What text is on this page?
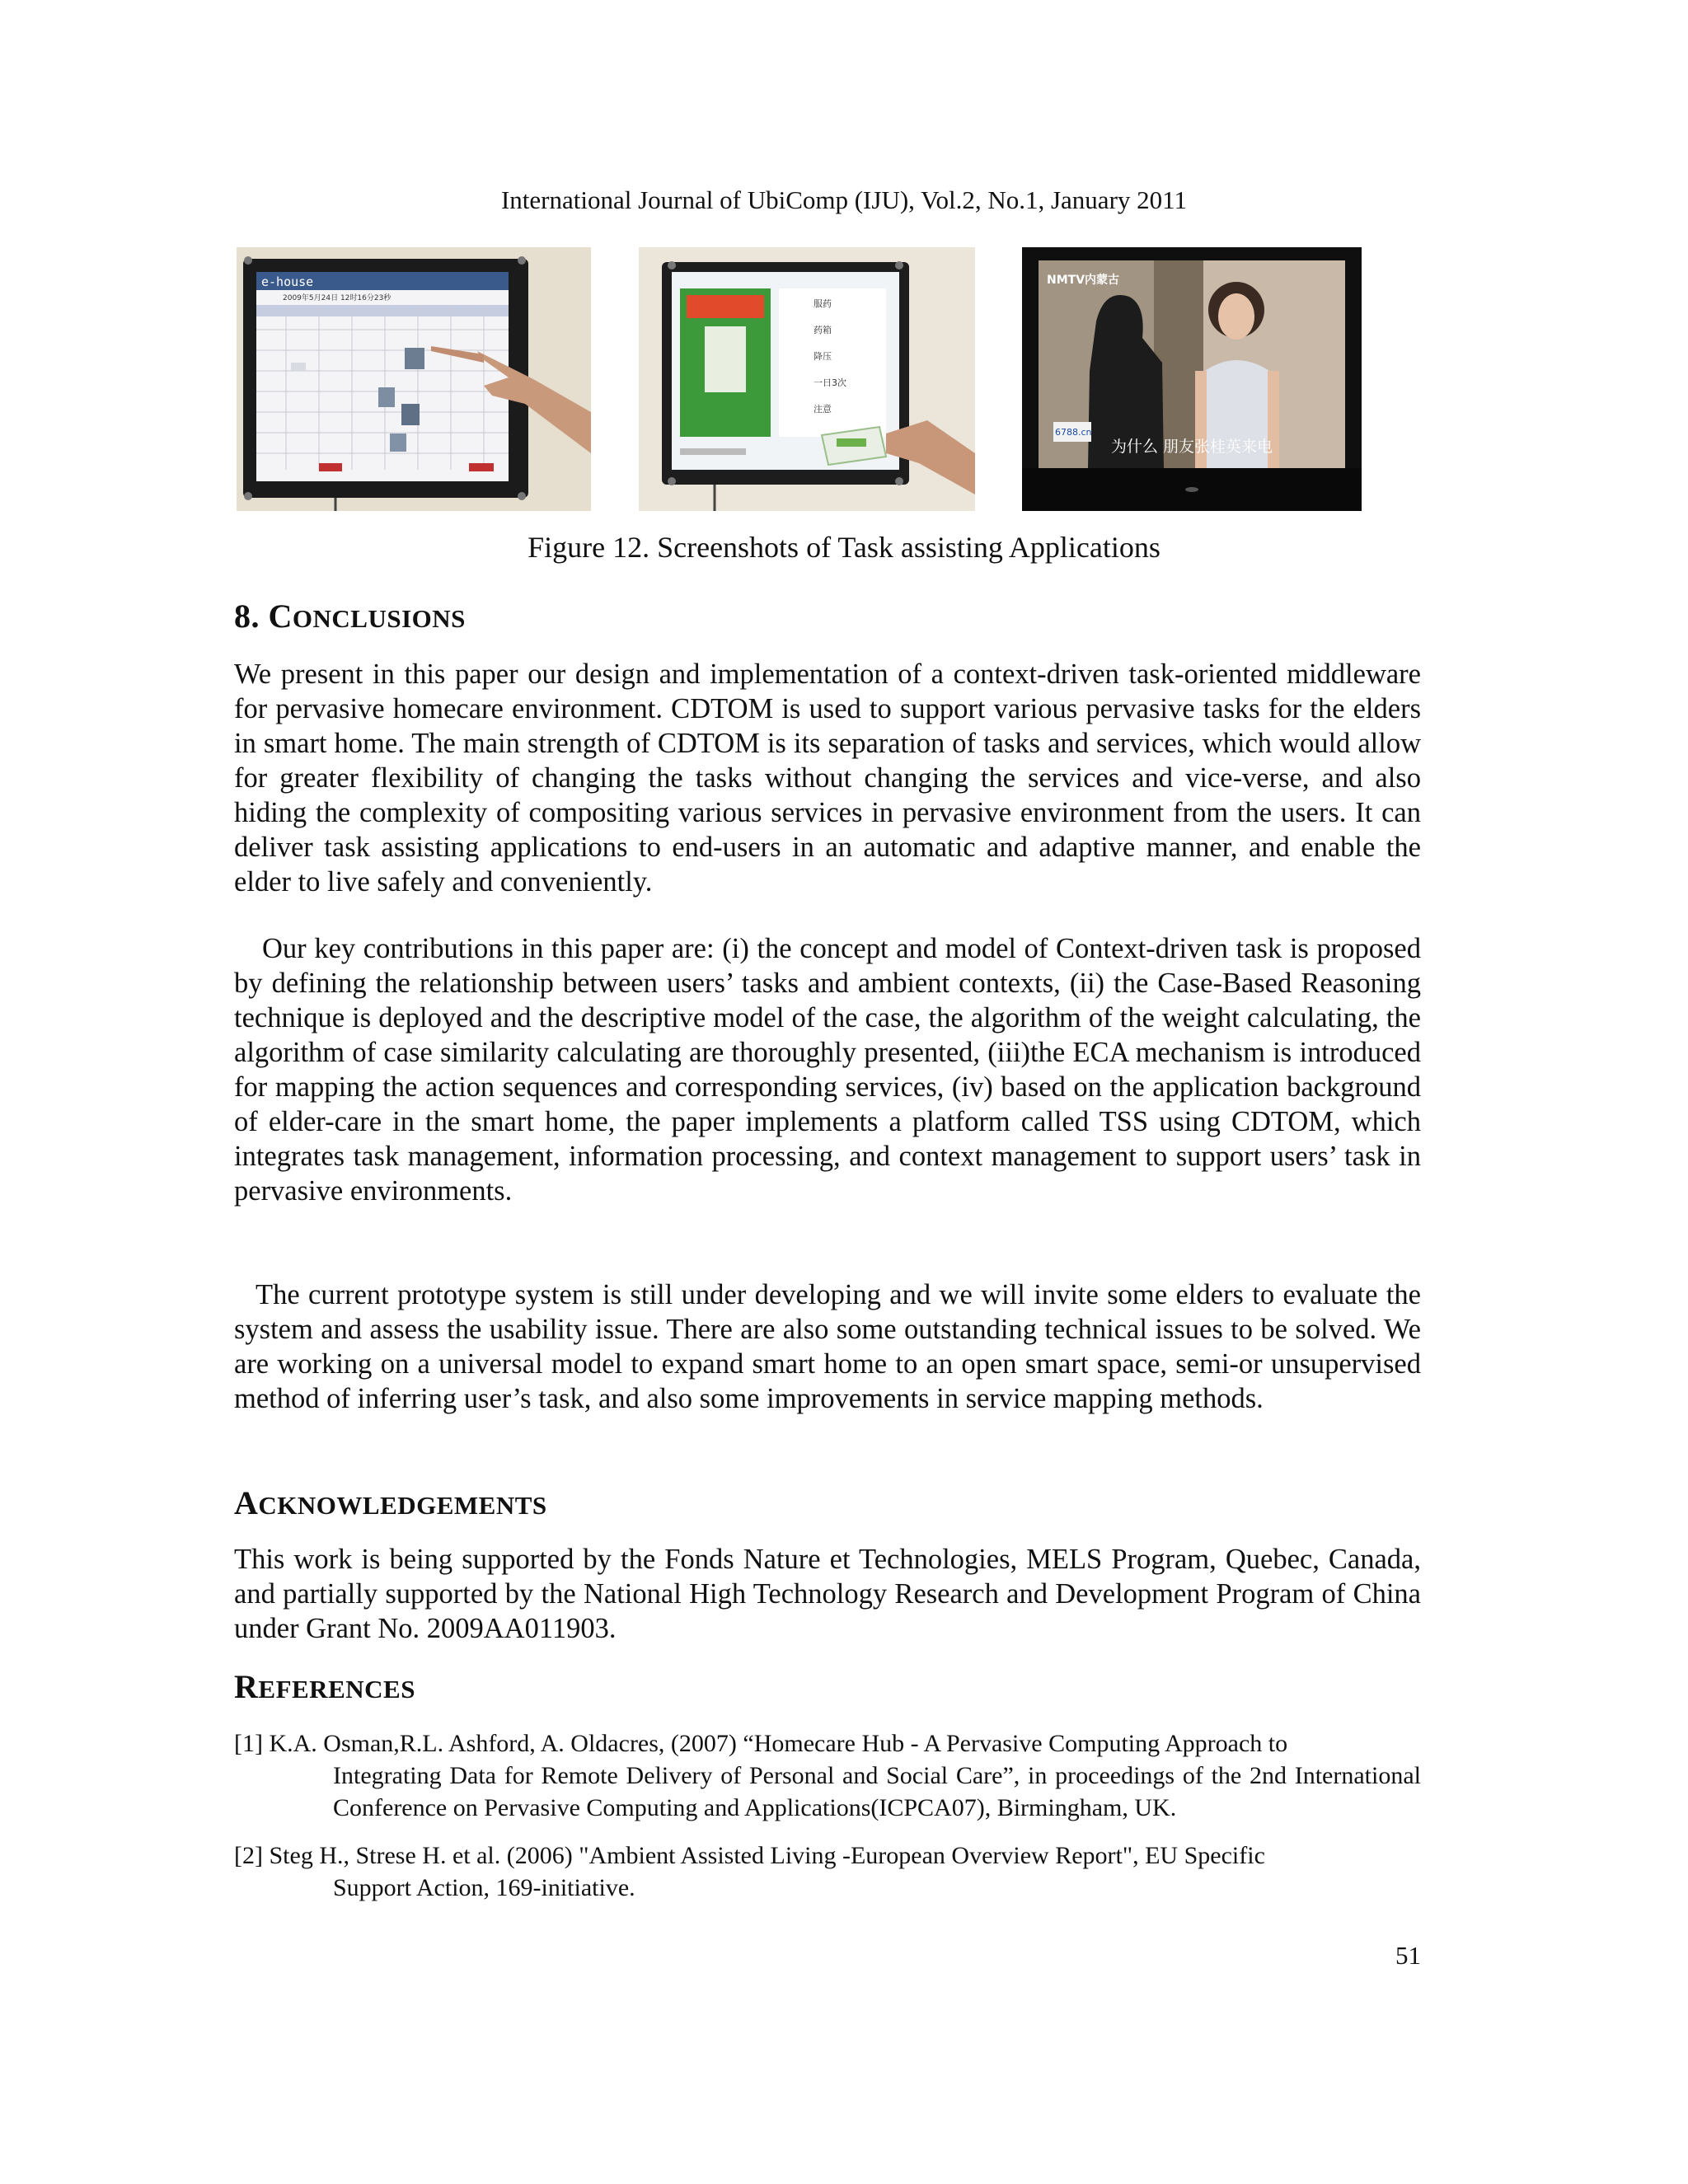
International Journal of UbiComp (IJU), Vol.2, No.1, January 2011
e-house
2009年5月24日 12时16分23秒	服药
药箱
降压
一日3次
注意
NMTV内蒙古
6788.cn
为什么 朋友张桂英来电
Figure 12. Screenshots of Task assisting Applications
8. CONCLUSIONS
We present in this paper our design and implementation of a context-driven task-oriented middleware for pervasive homecare environment. CDTOM is used to support various pervasive tasks for the elders in smart home. The main strength of CDTOM is its separation of tasks and services, which would allow for greater flexibility of changing the tasks without changing the services and vice-verse, and also hiding the complexity of compositing various services in pervasive environment from the users. It can deliver task assisting applications to end-users in an automatic and adaptive manner, and enable the elder to live safely and conveniently.
Our key contributions in this paper are: (i) the concept and model of Context-driven task is proposed by defining the relationship between users’ tasks and ambient contexts, (ii) the Case-Based Reasoning technique is deployed and the descriptive model of the case, the algorithm of the weight calculating, the algorithm of case similarity calculating are thoroughly presented, (iii)the ECA mechanism is introduced for mapping the action sequences and corresponding services, (iv) based on the application background of elder-care in the smart home, the paper implements a platform called TSS using CDTOM, which integrates task management, information processing, and context management to support users’ task in pervasive environments.
The current prototype system is still under developing and we will invite some elders to evaluate the system and assess the usability issue. There are also some outstanding technical issues to be solved. We are working on a universal model to expand smart home to an open smart space, semi-or unsupervised method of inferring user’s task, and also some improvements in service mapping methods.
ACKNOWLEDGEMENTS
This work is being supported by the Fonds Nature et Technologies, MELS Program, Quebec, Canada, and partially supported by the National High Technology Research and Development Program of China under Grant No. 2009AA011903.
REFERENCES
[1] K.A. Osman,R.L. Ashford, A. Oldacres, (2007) “Homecare Hub - A Pervasive Computing Approach to
Integrating Data for Remote Delivery of Personal and Social Care”, in proceedings of the 2nd International Conference on Pervasive Computing and Applications(ICPCA07), Birmingham, UK.
[2] Steg H., Strese H. et al. (2006) "Ambient Assisted Living -European Overview Report", EU Specific
Support Action, 169-initiative.
51
